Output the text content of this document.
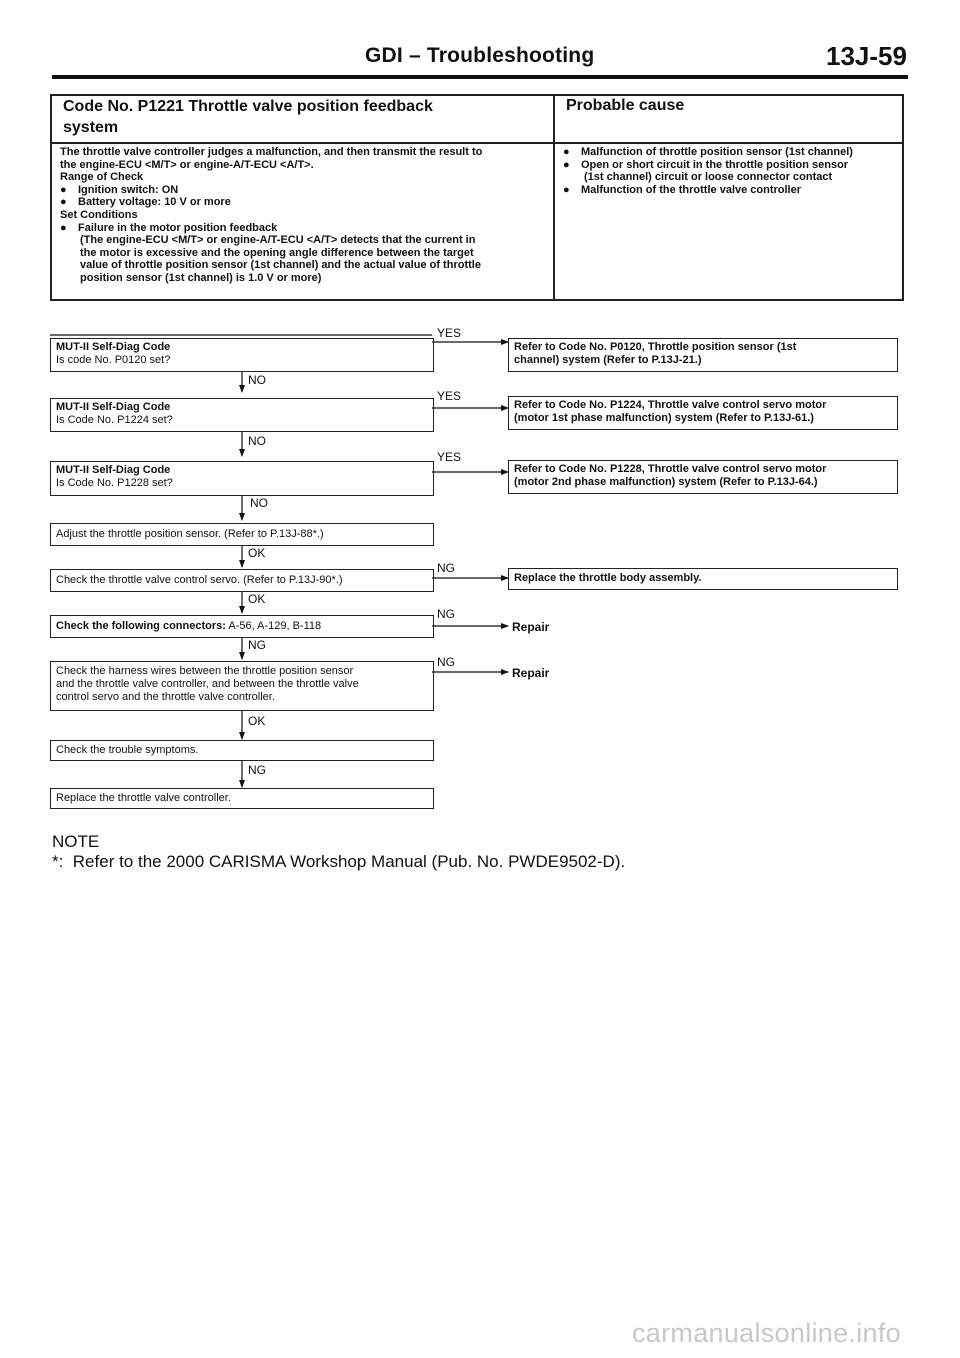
GDI – Troubleshooting	13J-59
Code No. P1221 Throttle valve position feedback
system
Probable cause
The throttle valve controller judges a malfunction, and then transmit the result to
the engine-ECU <M/T> or engine-A/T-ECU <A/T>.
Range of Check
● Ignition switch: ON
● Battery voltage: 10 V or more
Set Conditions
● Failure in the motor position feedback
(The engine-ECU <M/T> or engine-A/T-ECU <A/T> detects that the current in
the motor is excessive and the opening angle difference between the target
value of throttle position sensor (1st channel) and the actual value of throttle
position sensor (1st channel) is 1.0 V or more)
● Malfunction of throttle position sensor (1st channel)
● Open or short circuit in the throttle position sensor
(1st channel) circuit or loose connector contact
● Malfunction of the throttle valve controller
MUT-II Self-Diag Code
Is code No. P0120 set?
MUT-II Self-Diag Code
Is Code No. P1224 set?
MUT-II Self-Diag Code
Is Code No. P1228 set?
Refer to Code No. P0120, Throttle position sensor (1st
channel) system (Refer to P.13J-21.)
Refer to Code No. P1224, Throttle valve control servo motor
(motor 1st phase malfunction) system (Refer to P.13J-61.)
Refer to Code No. P1228, Throttle valve control servo motor
(motor 2nd phase malfunction) system (Refer to P.13J-64.)
Adjust the throttle position sensor. (Refer to P.13J-88*.)
Check the throttle valve control servo. (Refer to P.13J-90*.)	Replace the throttle body assembly.
Check the following connectors: A-56, A-129, B-118
Check the harness wires between the throttle position sensor
and the throttle valve controller, and between the throttle valve
control servo and the throttle valve controller.
Check the trouble symptoms.
Replace the throttle valve controller.
Repair
Repair
YES
YES
YES
NG
NG
NG
NO
NO
NO
OK
OK
NG
OK
NG
NOTE
*:  Refer to the 2000 CARISMA Workshop Manual (Pub. No. PWDE9502-D).
carmanualsonline.info
